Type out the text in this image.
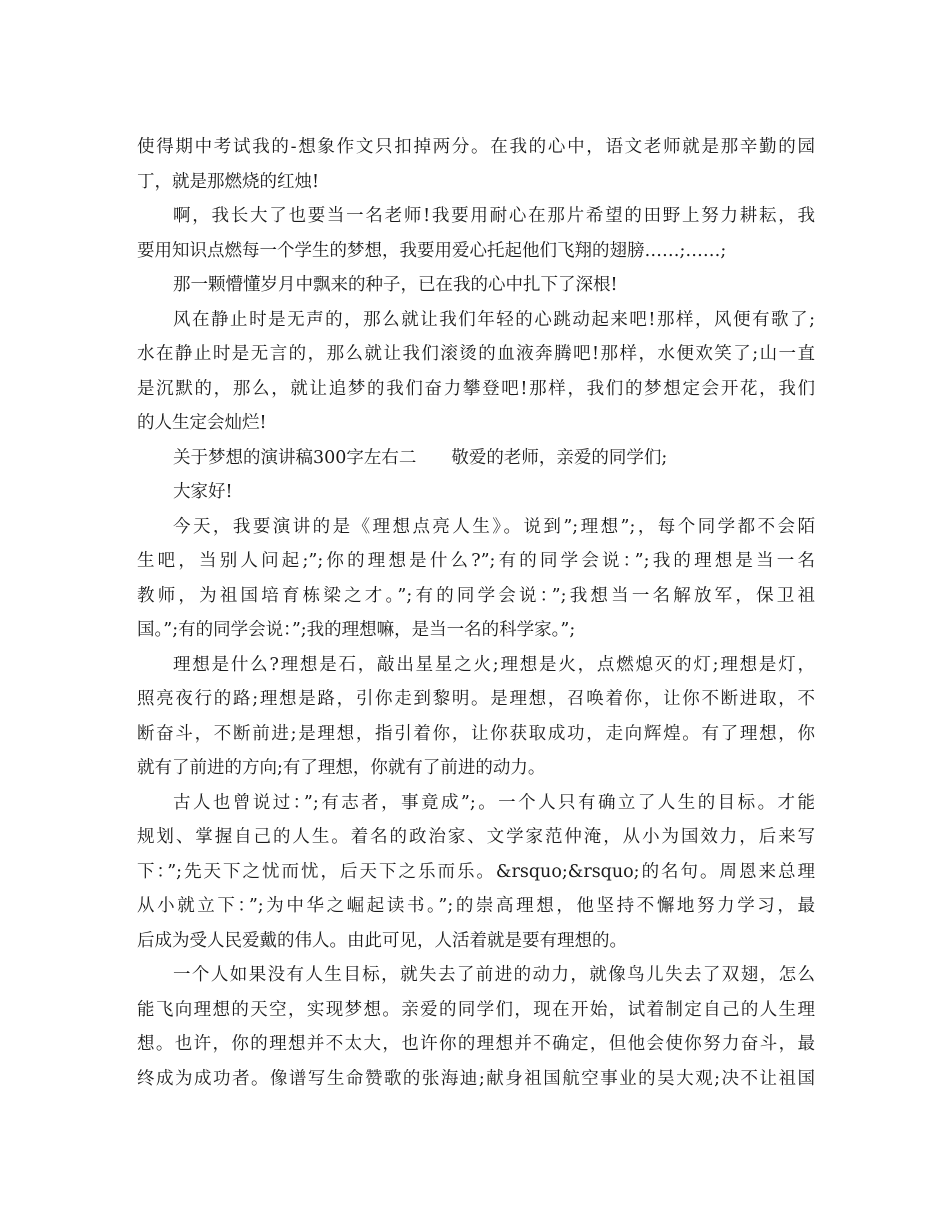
使得期中考试我的-想象作文只扣掉两分。在我的心中，语文老师就是那辛勤的园
丁，就是那燃烧的红烛!
啊，我长大了也要当一名老师!我要用耐心在那片希望的田野上努力耕耘，我
要用知识点燃每一个学生的梦想，我要用爱心托起他们飞翔的翅膀……;……;
那一颗懵懂岁月中飘来的种子，已在我的心中扎下了深根!
风在静止时是无声的，那么就让我们年轻的心跳动起来吧!那样，风便有歌了;
水在静止时是无言的，那么就让我们滚烫的血液奔腾吧!那样，水便欢笑了;山一直
是沉默的，那么，就让追梦的我们奋力攀登吧!那样，我们的梦想定会开花，我们
的人生定会灿烂!
关于梦想的演讲稿300字左右二　　敬爱的老师，亲爱的同学们;
大家好!
今天，我要演讲的是《理想点亮人生》。说到”;理想”;，每个同学都不会陌
生吧，当别人问起;”;你的理想是什么?”;有的同学会说：”;我的理想是当一名
教师，为祖国培育栋梁之才。”;有的同学会说：”;我想当一名解放军，保卫祖
国。”;有的同学会说：”;我的理想嘛，是当一名的科学家。”;
理想是什么?理想是石，敲出星星之火;理想是火，点燃熄灭的灯;理想是灯，
照亮夜行的路;理想是路，引你走到黎明。是理想，召唤着你，让你不断进取，不
断奋斗，不断前进;是理想，指引着你，让你获取成功，走向辉煌。有了理想，你
就有了前进的方向;有了理想，你就有了前进的动力。
古人也曾说过：”;有志者，事竟成”;。一个人只有确立了人生的目标。才能
规划、掌握自己的人生。着名的政治家、文学家范仲淹，从小为国效力，后来写
下：”;先天下之忧而忧，后天下之乐而乐。&rsquo;&rsquo;的名句。周恩来总理
从小就立下：”;为中华之崛起读书。”;的崇高理想，他坚持不懈地努力学习，最
后成为受人民爱戴的伟人。由此可见，人活着就是要有理想的。
一个人如果没有人生目标，就失去了前进的动力，就像鸟儿失去了双翅，怎么
能飞向理想的天空，实现梦想。亲爱的同学们，现在开始，试着制定自己的人生理
想。也许，你的理想并不太大，也许你的理想并不确定，但他会使你努力奋斗，最
终成为成功者。像谱写生命赞歌的张海迪;献身祖国航空事业的吴大观;决不让祖国
